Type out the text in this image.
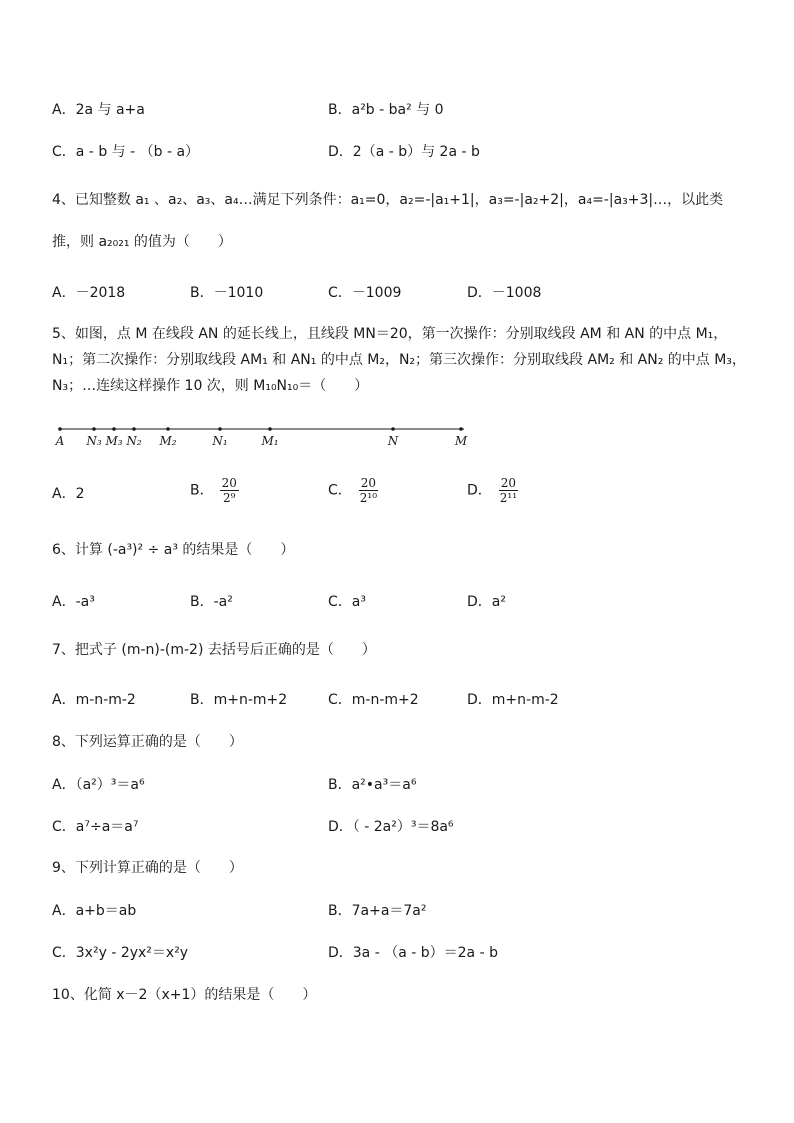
A．2a 与 a+a	B．a²b - ba² 与 0
C．a - b 与 - （b - a）	D．2（a - b）与 2a - b
4、已知整数 a₁ 、a₂、a₃、a₄…满足下列条件：a₁=0，a₂=-|a₁+1|，a₃=-|a₂+2|，a₄=-|a₃+3|…，以此类
推，则 a₂₀₂₁ 的值为（　　）
A．－2018	B．－1010	C．－1009	D．－1008
5、如图，点 M 在线段 AN 的延长线上，且线段 MN＝20，第一次操作：分别取线段 AM 和 AN 的中点 M₁，
N₁；第二次操作：分别取线段 AM₁ 和 AN₁ 的中点 M₂，N₂；第三次操作：分别取线段 AM₂ 和 AN₂ 的中点 M₃，
N₃；…连续这样操作 10 次，则 M₁₀N₁₀＝（　　）
A N₃ M₃ N₂ M₂	N₁	M₁	N	M
A．2	B． $\frac{20}{\text{2⁹}}$	C． $\frac{20}{\text{2¹⁰}}$	D． $\frac{20}{\text{2¹¹}}$
6、计算 (-a³)² ÷ a³ 的结果是（　　）
A．-a³	B．-a²	C．a³	D．a²
7、把式子 (m-n)-(m-2) 去括号后正确的是（　　）
A．m-n-m-2	B．m+n-m+2	C．m-n-m+2	D．m+n-m-2
8、下列运算正确的是（　　）
A．（a²）³＝a⁶	B．a²•a³＝a⁶
C．a⁷÷a＝a⁷	D．（ - 2a²）³＝8a⁶
9、下列计算正确的是（　　）
A．a+b＝ab	B．7a+a＝7a²
C．3x²y - 2yx²＝x²y	D．3a - （a - b）＝2a - b
10、化简 x－2（x+1）的结果是（　　）
